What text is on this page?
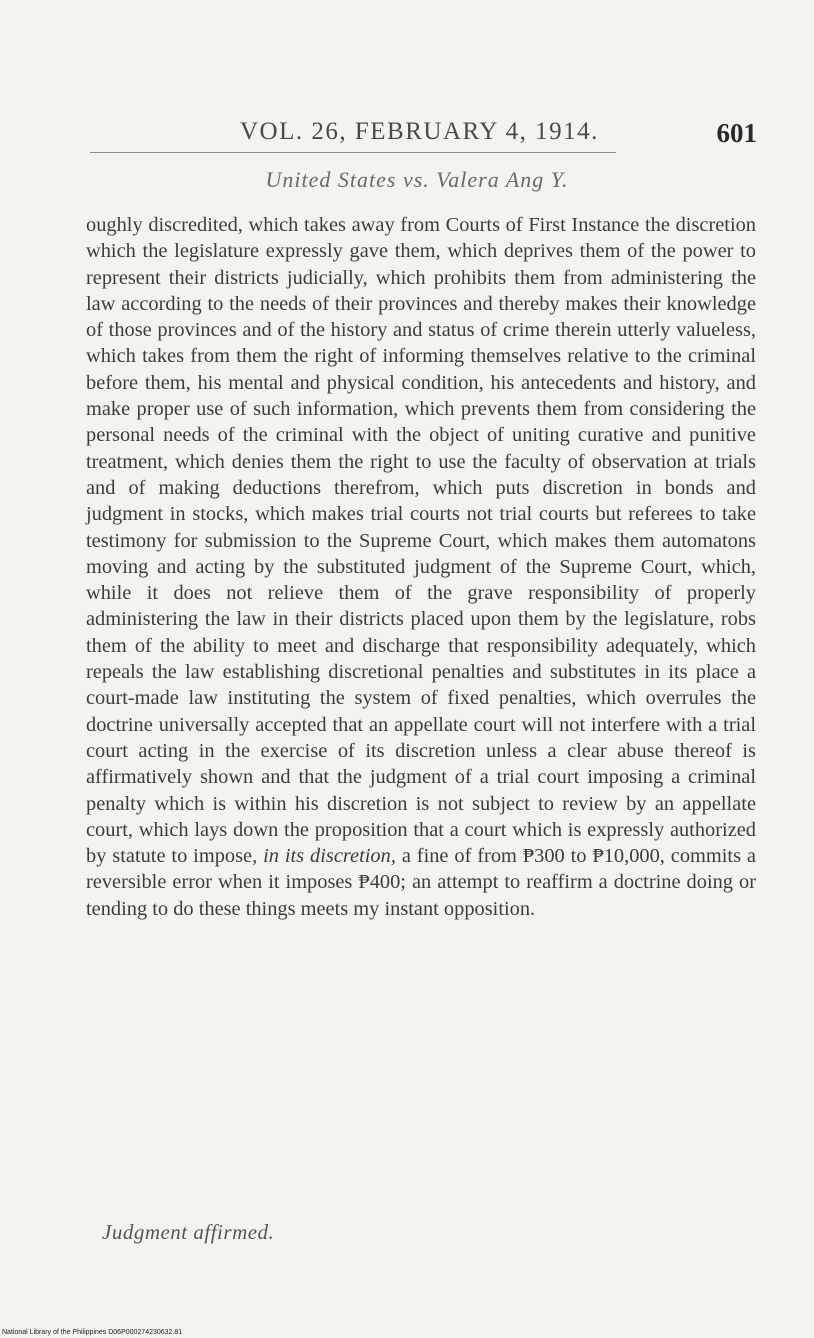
VOL. 26, FEBRUARY 4, 1914.	601
United States vs. Valera Ang Y.

oughly discredited, which takes away from Courts of First Instance the discretion which the legislature expressly gave them, which deprives them of the power to represent their districts judicially, which prohibits them from administering the law according to the needs of their provinces and thereby makes their knowledge of those provinces and of the history and status of crime therein utterly valueless, which takes from them the right of informing themselves relative to the criminal before them, his mental and physical condition, his antecedents and history, and make proper use of such information, which prevents them from considering the personal needs of the criminal with the object of uniting curative and punitive treatment, which denies them the right to use the faculty of observation at trials and of making deductions therefrom, which puts discretion in bonds and judgment in stocks, which makes trial courts not trial courts but referees to take testimony for submission to the Supreme Court, which makes them automatons moving and acting by the substituted judgment of the Supreme Court, which, while it does not relieve them of the grave responsibility of properly administering the law in their districts placed upon them by the legislature, robs them of the ability to meet and discharge that responsibility adequately, which repeals the law establishing discretional penalties and substitutes in its place a court-made law instituting the system of fixed penalties, which overrules the doctrine universally accepted that an appellate court will not interfere with a trial court acting in the exercise of its discretion unless a clear abuse thereof is affirmatively shown and that the judgment of a trial court imposing a criminal penalty which is within his discretion is not subject to review by an appellate court, which lays down the proposition that a court which is expressly authorized by statute to impose, in its discretion, a fine of from ₱300 to ₱10,000, commits a reversible error when it imposes ₱400; an attempt to reaffirm a doctrine doing or tending to do these things meets my instant opposition.

Judgment affirmed.
National Library of the Philippines D06P000274230632.81
